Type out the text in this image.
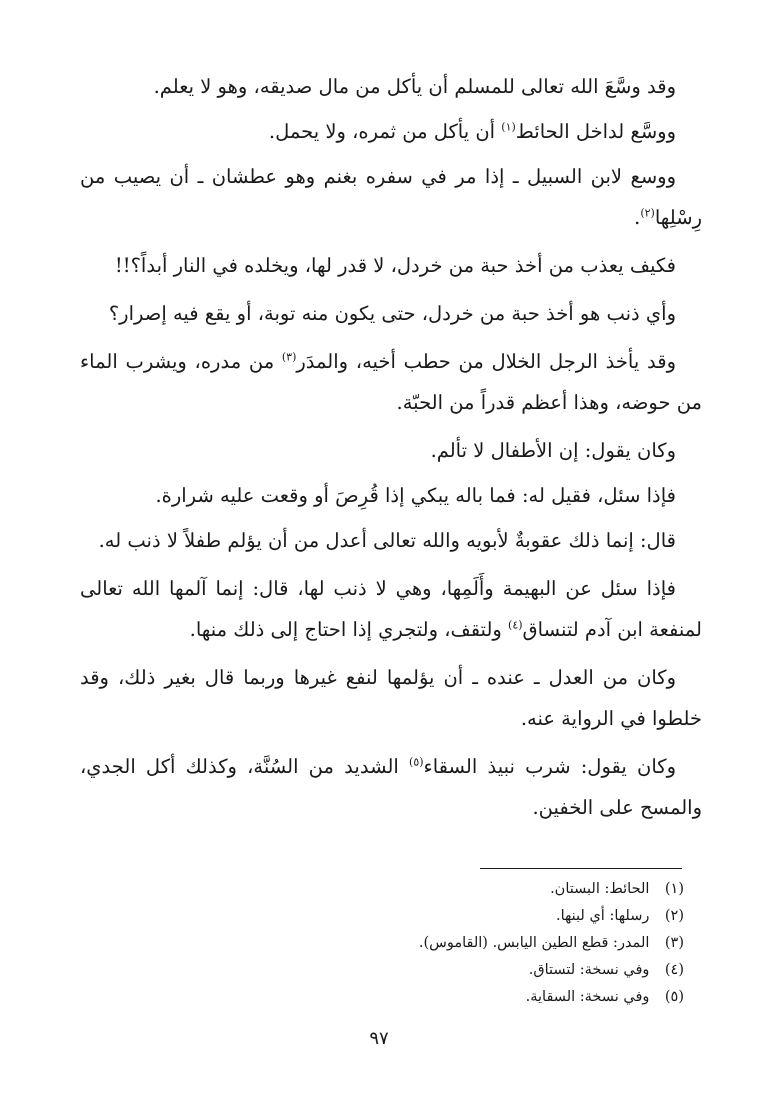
وقد وسَّعَ الله تعالى للمسلم أن يأكل من مال صديقه، وهو لا يعلم.

ووسَّع لداخل الحائط$^{(١)}$ أن يأكل من ثمره، ولا يحمل.

ووسع لابن السبيل ـ إذا مر في سفره بغنم وهو عطشان ـ أن يصيب من رِسْلِها$^{(٢)}$.

فكيف يعذب من أخذ حبة من خردل، لا قدر لها، ويخلده في النار أبداً؟!!

وأي ذنب هو أخذ حبة من خردل، حتى يكون منه توبة، أو يقع فيه إصرار؟

وقد يأخذ الرجل الخلال من حطب أخيه، والمدَر$^{(٣)}$ من مدره، ويشرب الماء من حوضه، وهذا أعظم قدراً من الحبّة.

وكان يقول: إن الأطفال لا تألم.

فإذا سئل، فقيل له: فما باله يبكي إذا قُرِصَ أو وقعت عليه شرارة.

قال: إنما ذلك عقوبةٌ لأبويه والله تعالى أعدل من أن يؤلم طفلاً لا ذنب له.

فإذا سئل عن البهيمة وأَلَمِها، وهي لا ذنب لها، قال: إنما آلمها الله تعالى لمنفعة ابن آدم لتنساق$^{(٤)}$ ولتقف، ولتجري إذا احتاج إلى ذلك منها.

وكان من العدل ـ عنده ـ أن يؤلمها لنفع غيرها وربما قال بغير ذلك، وقد خلطوا في الرواية عنه.

وكان يقول: شرب نبيذ السقاء$^{(٥)}$ الشديد من السُنَّة، وكذلك أكل الجدي، والمسح على الخفين.

(١) الحائط: البستان.
(٢) رسلها: أي لبنها.
(٣) المدر: قطع الطين اليابس. (القاموس).
(٤) وفي نسخة: لتستاق.
(٥) وفي نسخة: السقاية.
٩٧
